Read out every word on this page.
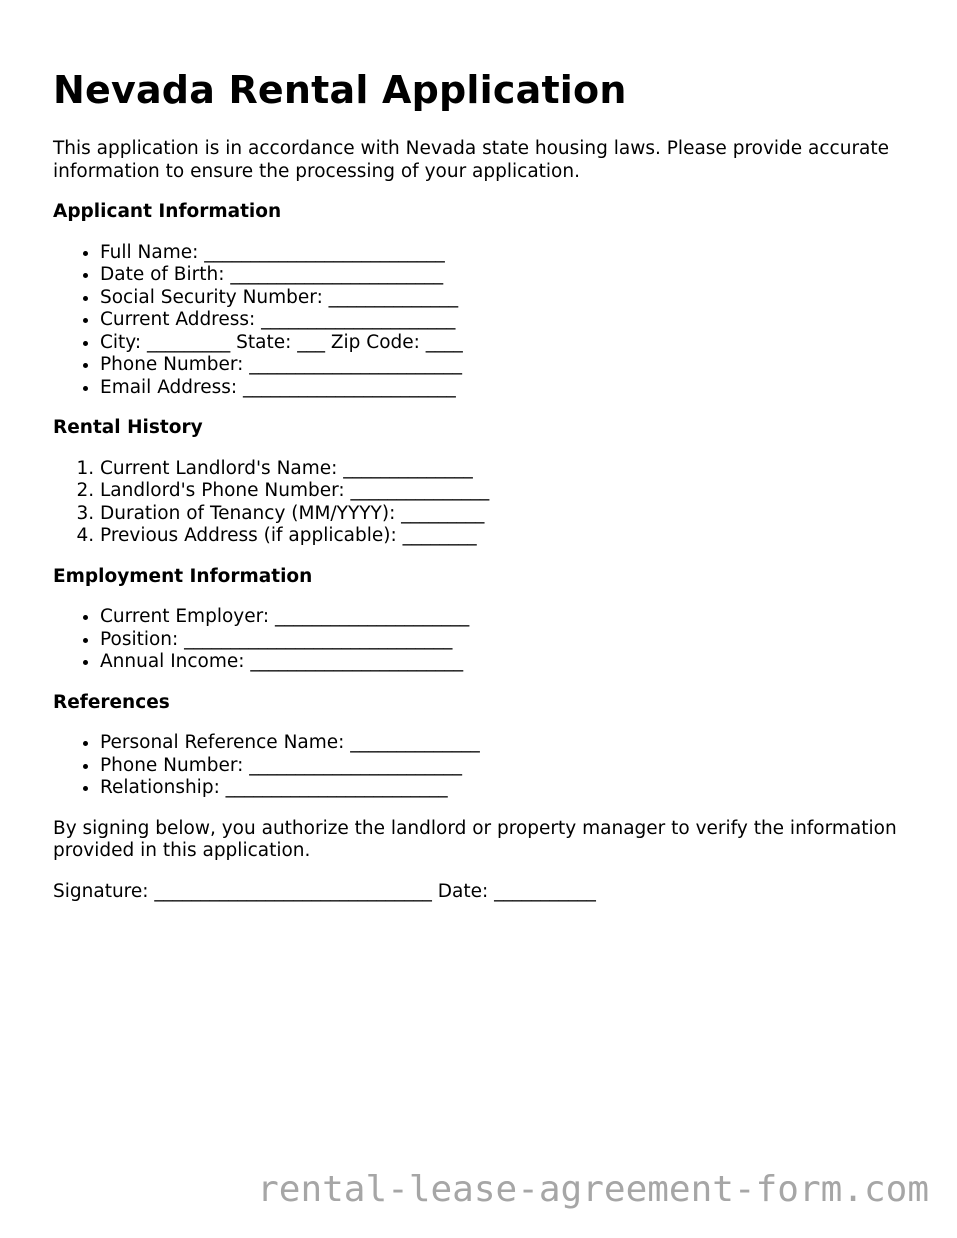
Nevada Rental Application

This application is in accordance with Nevada state housing laws. Please provide accurate information to ensure the processing of your application.

Applicant Information
• Full Name: __________________________
• Date of Birth: _______________________
• Social Security Number: ______________
• Current Address: _____________________
• City: _________ State: ___ Zip Code: ____
• Phone Number: _______________________
• Email Address: _______________________
Rental History
1. Current Landlord's Name: ______________
2. Landlord's Phone Number: _______________
3. Duration of Tenancy (MM/YYYY): _________
4. Previous Address (if applicable): ________
Employment Information
• Current Employer: _____________________
• Position: _____________________________
• Annual Income: _______________________
References
• Personal Reference Name: ______________
• Phone Number: _______________________
• Relationship: ________________________

By signing below, you authorize the landlord or property manager to verify the information provided in this application.

Signature: ______________________________ Date: ___________

rental-lease-agreement-form.com
